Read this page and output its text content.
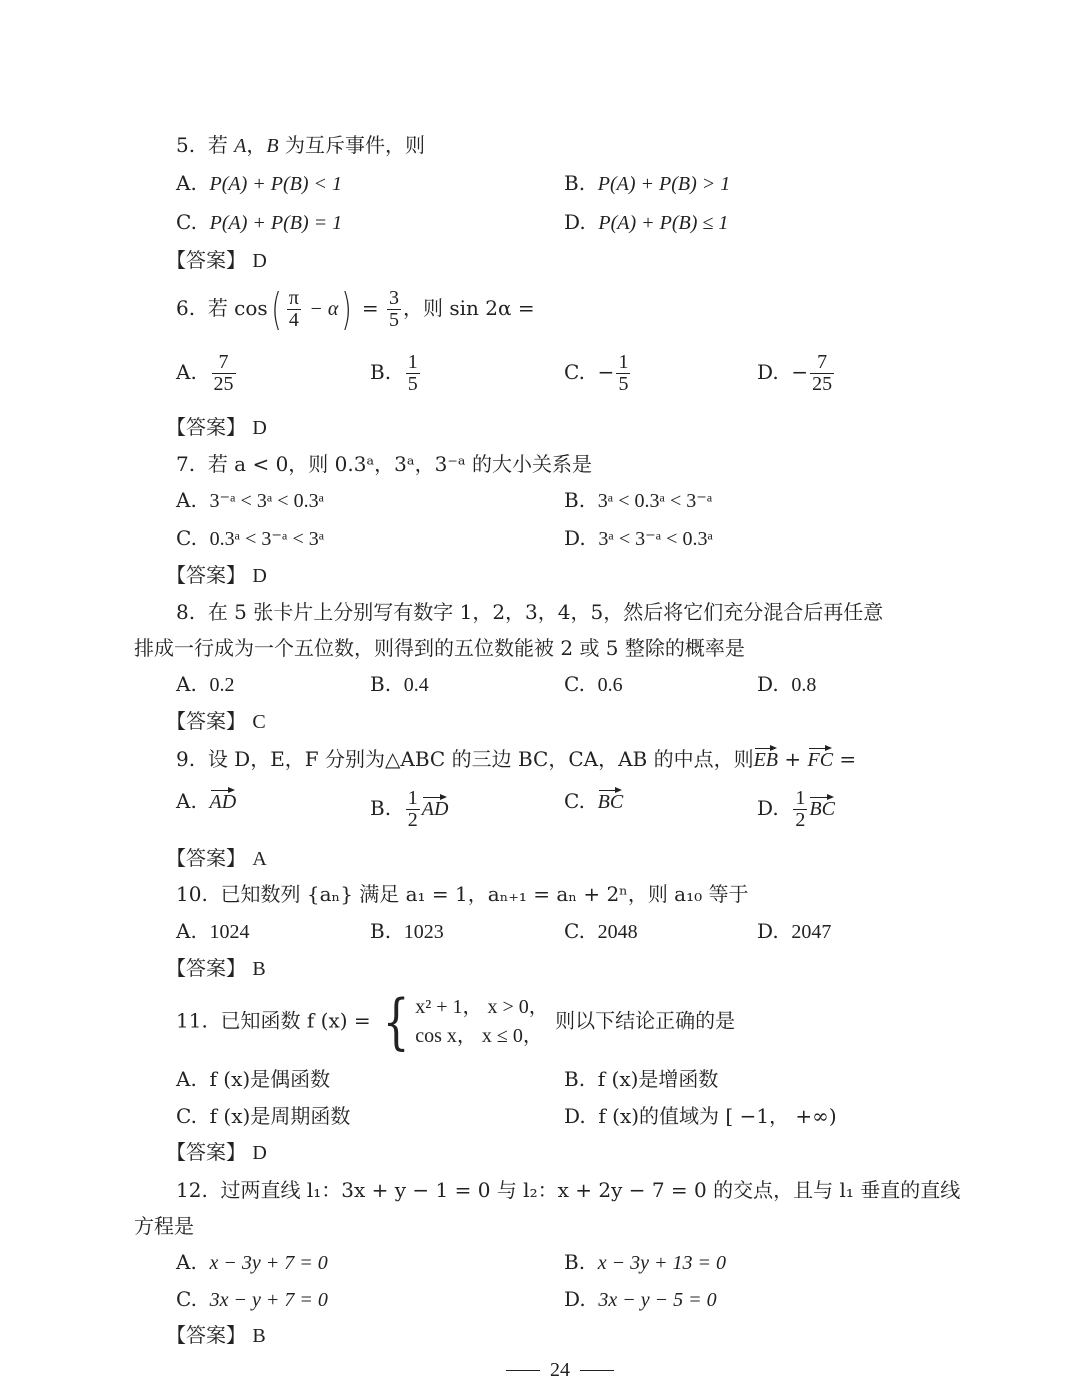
5. 若 A，B 为互斥事件，则
A. P(A) + P(B) < 1	B. P(A) + P(B) > 1
C. P(A) + P(B) = 1	D. P(A) + P(B) ≤ 1
【答案】 D
6. 若 $\cos( \frac{\pi}{4} - \alpha) = \frac{3}{5}$ ，则 sin 2α =
A. $\frac{7}{25}$	B. $\frac{1}{5}$	C. − $\frac{1}{5}$	D. − $\frac{7}{25}$
【答案】 D
7. 若 a < 0，则 0.3ᵃ，3ᵃ，3⁻ᵃ 的大小关系是
A. 3⁻ᵃ < 3ᵃ < 0.3ᵃ	B. 3ᵃ < 0.3ᵃ < 3⁻ᵃ
C. 0.3ᵃ < 3⁻ᵃ < 3ᵃ	D. 3ᵃ < 3⁻ᵃ < 0.3ᵃ
【答案】 D
8. 在 5 张卡片上分别写有数字 1，2，3，4，5，然后将它们充分混合后再任意
排成一行成为一个五位数，则得到的五位数能被 2 或 5 整除的概率是
A. 0.2	B. 0.4	C. 0.6	D. 0.8
【答案】 C
9. 设 D，E，F 分别为△ABC 的三边 BC，CA，AB 的中点，则EB + FC =
A. AD	B. $\frac{1}{2}$ AD	C. BC	D. $\frac{1}{2}$ BC
【答案】 A
10. 已知数列 {aₙ} 满足 a₁ = 1，aₙ₊₁ = aₙ + 2ⁿ，则 a₁₀ 等于
A. 1024	B. 1023	C. 2048	D. 2047
【答案】 B
11. 已知函数 f (x) = { x² + 1， x > 0，
cos x， x ≤ 0，
则以下结论正确的是
A. f (x)是偶函数	B. f (x)是增函数
C. f (x)是周期函数	D. f (x)的值域为 [ −1， +∞)
【答案】 D
12. 过两直线 l₁：3x + y − 1 = 0 与 l₂：x + 2y − 7 = 0 的交点，且与 l₁ 垂直的直线
方程是
A. x − 3y + 7 = 0	B. x − 3y + 13 = 0
C. 3x − y + 7 = 0	D. 3x − y − 5 = 0
【答案】 B
24
